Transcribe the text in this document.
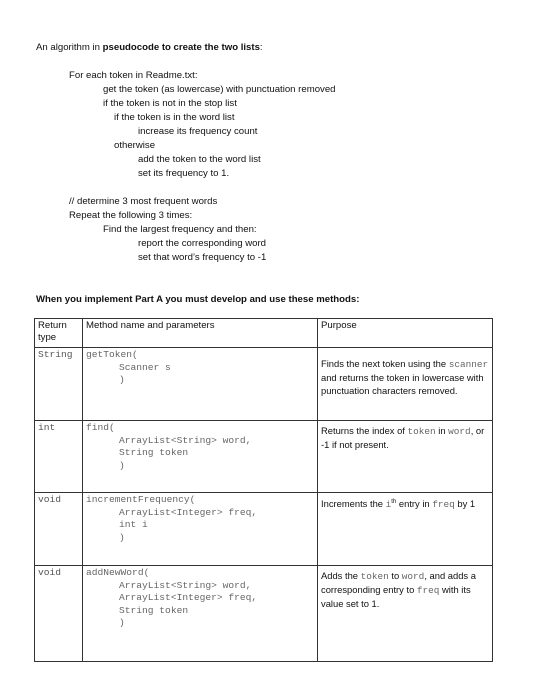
An algorithm in pseudocode to create the two lists:
For each token in Readme.txt:
get the token (as lowercase) with punctuation removed
if the token is not in the stop list
if the token is in the word list
increase its frequency count
otherwise
add the token to the word list
set its frequency to 1.
// determine 3 most frequent words
Repeat the following 3 times:
Find the largest frequency and then:
report the corresponding word
set that word’s frequency to -1
When you implement Part A you must develop and use these methods:
Return type	Method name and parameters	Purpose
String	getToken(
Scanner s
)	Finds the next token using the scanner and returns the token in lowercase with punctuation characters removed.

int	find(
ArrayList<String> word,
String token
)	Returns the index of token in word, or -1 if not present.

void	incrementFrequency(
ArrayList<Integer> freq,
int i
)	Increments the $i^{th}$ entry in freq by 1

void	addNewWord(
ArrayList<String> word,
ArrayList<Integer> freq,
String token
)	Adds the token to word, and adds a corresponding entry to freq with its value set to 1.
